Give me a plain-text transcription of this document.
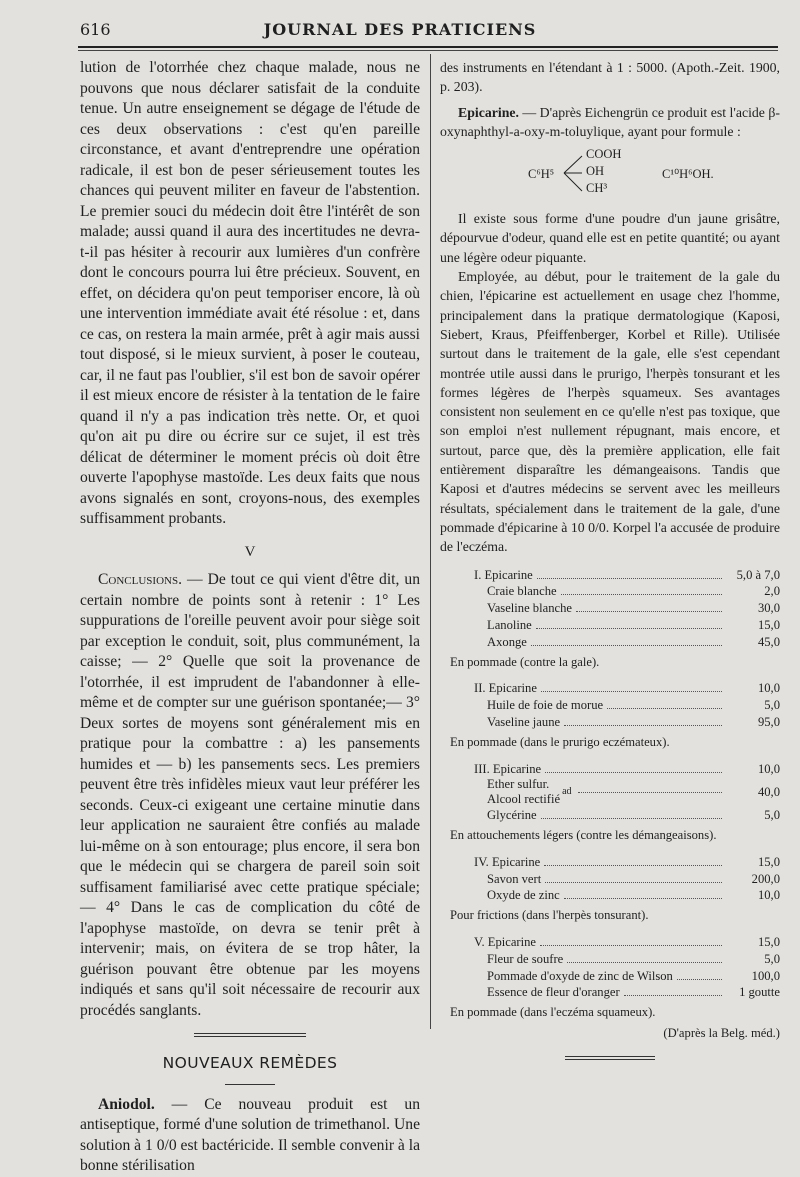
616	JOURNAL DES PRATICIENS

lution de l'otorrhée chez chaque malade, nous ne pouvons que nous déclarer satisfait de la conduite tenue. Un autre enseignement se dégage de l'étude de ces deux observations : c'est qu'en pareille circonstance, et avant d'entreprendre une opération radicale, il est bon de peser sérieusement toutes les chances qui peuvent militer en faveur de l'abstention. Le premier souci du médecin doit être l'intérêt de son malade; aussi quand il aura des incertitudes ne devra-t-il pas hésiter à recourir aux lumières d'un confrère dont le concours pourra lui être précieux. Souvent, en effet, on décidera qu'on peut temporiser encore, là où une intervention immédiate avait été résolue : et, dans ce cas, on restera la main armée, prêt à agir mais aussi tout disposé, si le mieux survient, à poser le couteau, car, il ne faut pas l'oublier, s'il est bon de savoir opérer il est mieux encore de résister à la tentation de le faire quand il n'y a pas indication très nette. Or, et quoi qu'on ait pu dire ou écrire sur ce sujet, il est très délicat de déterminer le moment précis où doit être ouverte l'apophyse mastoïde. Les deux faits que nous avons signalés en sont, croyons-nous, des exemples suffisamment probants.

V

Conclusions. — De tout ce qui vient d'être dit, un certain nombre de points sont à retenir : 1° Les suppurations de l'oreille peuvent avoir pour siège soit par exception le conduit, soit, plus communément, la caisse; — 2° Quelle que soit la provenance de l'otorrhée, il est imprudent de l'abandonner à elle-même et de compter sur une guérison spontanée;— 3° Deux sortes de moyens sont généralement mis en pratique pour la combattre : a) les pansements humides et — b) les pansements secs. Les premiers peuvent être très infidèles mieux vaut leur préférer les seconds. Ceux-ci exigeant une certaine minutie dans leur application ne sauraient être confiés au malade lui-même on à son entourage; plus encore, il sera bon que le médecin qui se chargera de pareil soin soit suffisament familiarisé avec cette pratique spéciale; — 4° Dans le cas de complication du côté de l'apophyse mastoïde, on devra se tenir prêt à intervenir; mais, on évitera de se trop hâter, la guérison pouvant être obtenue par les moyens indiqués et sans qu'il soit nécessaire de recourir aux procédés sanglants.

NOUVEAUX REMÈDES

Aniodol. — Ce nouveau produit est un antiseptique, formé d'une solution de trimethanol. Une solution à 1 0/0 est bactéricide. Il semble convenir à la bonne stérilisation

des instruments en l'étendant à 1 : 5000. (Apoth.-Zeit. 1900, p. 203).

Epicarine. — D'après Eichengrün ce produit est l'acide β-oxynaphthyl-a-oxy-m-toluylique, ayant pour formule :

C⁶H⁵
COOH
OH
CH³
C¹⁰H⁶OH.

Il existe sous forme d'une poudre d'un jaune grisâtre, dépourvue d'odeur, quand elle est en petite quantité; ou ayant une légère odeur piquante.

Employée, au début, pour le traitement de la gale du chien, l'épicarine est actuellement en usage chez l'homme, principalement dans la pratique dermatologique (Kaposi, Siebert, Kraus, Pfeiffenberger, Korbel et Rille). Utilisée surtout dans le traitement de la gale, elle s'est cependant montrée utile aussi dans le prurigo, l'herpès tonsurant et les formes légères de l'herpès squameux. Ses avantages consistent non seulement en ce qu'elle n'est pas toxique, que son emploi n'est nullement répugnant, mais encore, et surtout, parce que, dès la première application, elle fait entièrement disparaître les démangeaisons. Tandis que Kaposi et d'autres médecins se servent avec les meilleurs résultats, spécialement dans le traitement de la gale, d'une pommade d'épicarine à 10 0/0. Korpel l'a accusée de produire de l'eczéma.

I. Epicarine	5,0 à 7,0
Craie blanche	2,0
Vaseline blanche	30,0
Lanoline	15,0
Axonge	45,0
En pommade (contre la gale).
II. Epicarine	10,0
Huile de foie de morue	5,0
Vaseline jaune	95,0
En pommade (dans le prurigo eczémateux).
III. Epicarine	10,0
Ether sulfur.
Alcool rectifié
ad	40,0
Glycérine	5,0
En attouchements légers (contre les démangeaisons).
IV. Epicarine	15,0
Savon vert	200,0
Oxyde de zinc	10,0
Pour frictions (dans l'herpès tonsurant).
V. Epicarine	15,0
Fleur de soufre	5,0
Pommade d'oxyde de zinc de Wilson	100,0
Essence de fleur d'oranger	1 goutte
En pommade (dans l'eczéma squameux).
(D'après la Belg. méd.)
